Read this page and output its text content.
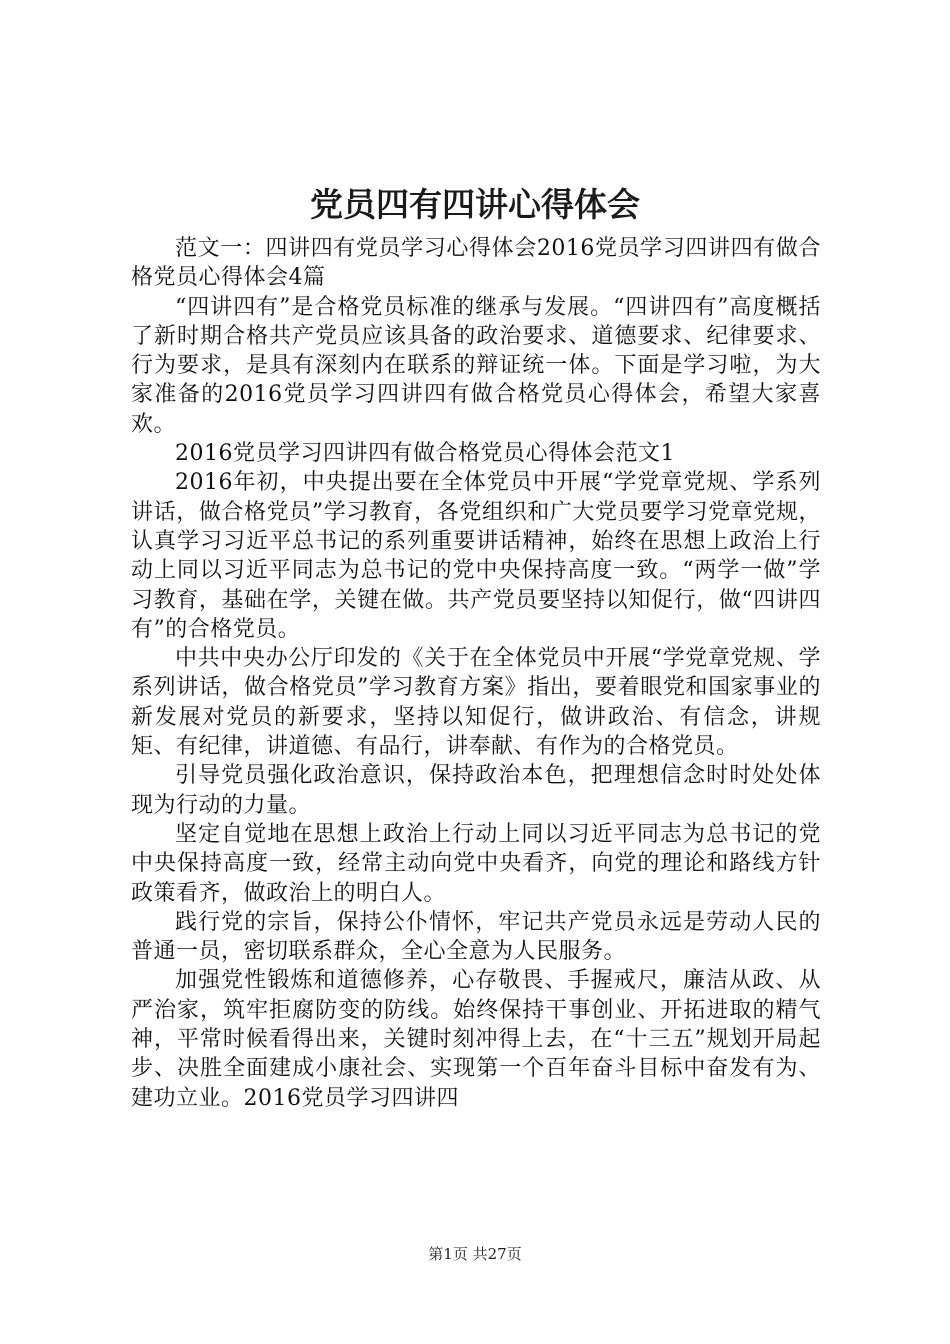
党员四有四讲心得体会

范文一：四讲四有党员学习心得体会2016党员学习四讲四有做合格党员心得体会4篇

“四讲四有”是合格党员标准的继承与发展。“四讲四有”高度概括了新时期合格共产党员应该具备的政治要求、道德要求、纪律要求、行为要求，是具有深刻内在联系的辩证统一体。下面是学习啦，为大家准备的2016党员学习四讲四有做合格党员心得体会，希望大家喜欢。

2016党员学习四讲四有做合格党员心得体会范文1

2016年初，中央提出要在全体党员中开展“学党章党规、学系列讲话，做合格党员”学习教育，各党组织和广大党员要学习党章党规，认真学习习近平总书记的系列重要讲话精神，始终在思想上政治上行动上同以习近平同志为总书记的党中央保持高度一致。“两学一做”学习教育，基础在学，关键在做。共产党员要坚持以知促行，做“四讲四有”的合格党员。

中共中央办公厅印发的《关于在全体党员中开展“学党章党规、学系列讲话，做合格党员”学习教育方案》指出，要着眼党和国家事业的新发展对党员的新要求，坚持以知促行，做讲政治、有信念，讲规矩、有纪律，讲道德、有品行，讲奉献、有作为的合格党员。

引导党员强化政治意识，保持政治本色，把理想信念时时处处体现为行动的力量。

坚定自觉地在思想上政治上行动上同以习近平同志为总书记的党中央保持高度一致，经常主动向党中央看齐，向党的理论和路线方针政策看齐，做政治上的明白人。

践行党的宗旨，保持公仆情怀，牢记共产党员永远是劳动人民的普通一员，密切联系群众，全心全意为人民服务。

加强党性锻炼和道德修养，心存敬畏、手握戒尺，廉洁从政、从严治家，筑牢拒腐防变的防线。始终保持干事创业、开拓进取的精气神，平常时候看得出来，关键时刻冲得上去，在“十三五”规划开局起步、决胜全面建成小康社会、实现第一个百年奋斗目标中奋发有为、建功立业。2016党员学习四讲四

第1页 共27页
